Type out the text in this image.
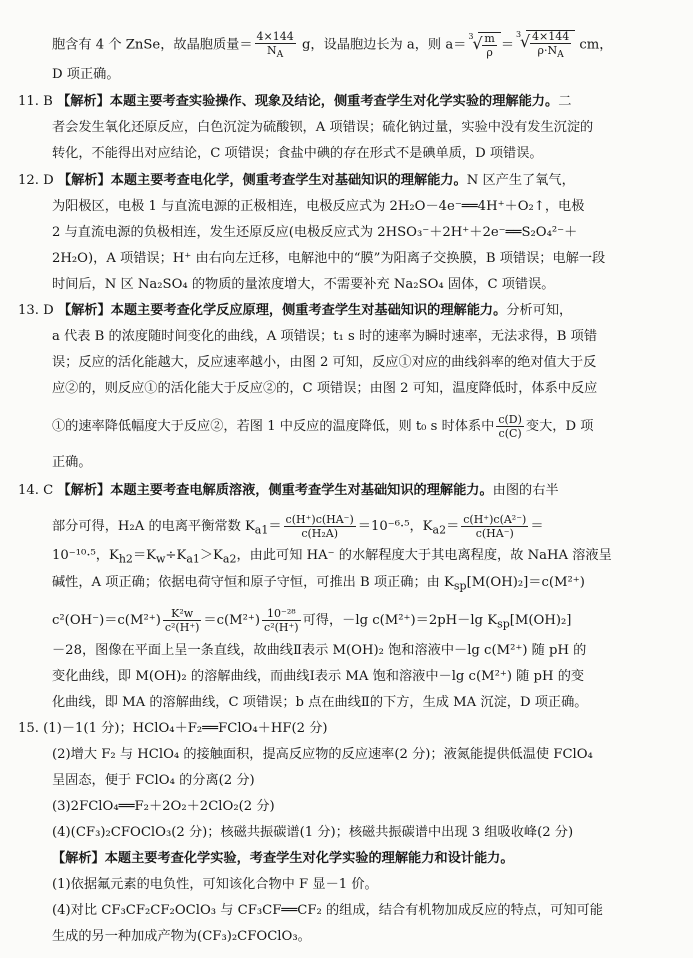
胞含有 4 个 ZnSe，故晶胞质量＝ $\frac{4\times 144}{N_A}$ g，设晶胞边长为 a，则 a＝
3
√ $\frac{m}{\rho}$ ＝
3
√ $\frac{4\times 144}{\rho\cdot N_A}$ cm，
D 项正确。
11. B 【解析】本题主要考查实验操作、现象及结论，侧重考查学生对化学实验的理解能力。二
者会发生氧化还原反应，白色沉淀为硫酸钡，A 项错误；硫化钠过量，实验中没有发生沉淀的
转化，不能得出对应结论，C 项错误；食盐中碘的存在形式不是碘单质，D 项错误。
12. D 【解析】本题主要考查电化学，侧重考查学生对基础知识的理解能力。N 区产生了氧气，
为阳极区，电极 1 与直流电源的正极相连，电极反应式为 2H₂O－4e⁻══4H⁺＋O₂↑，电极
2 与直流电源的负极相连，发生还原反应(电极反应式为 2HSO₃⁻＋2H⁺＋2e⁻══S₂O₄²⁻＋
2H₂O)，A 项错误；H⁺ 由右向左迁移，电解池中的“膜”为阳离子交换膜，B 项错误；电解一段
时间后，N 区 Na₂SO₄ 的物质的量浓度增大，不需要补充 Na₂SO₄ 固体，C 项错误。
13. D 【解析】本题主要考查化学反应原理，侧重考查学生对基础知识的理解能力。分析可知，
a 代表 B 的浓度随时间变化的曲线，A 项错误；t₁ s 时的速率为瞬时速率，无法求得，B 项错
误；反应的活化能越大，反应速率越小，由图 2 可知，反应①对应的曲线斜率的绝对值大于反
应②的，则反应①的活化能大于反应②的，C 项错误；由图 2 可知，温度降低时，体系中反应
①的速率降低幅度大于反应②，若图 1 中反应的温度降低，则 t₀ s 时体系中 $\frac{c(D)}{c(C)}$ 变大，D 项
正确。
14. C 【解析】本题主要考查电解质溶液，侧重考查学生对基础知识的理解能力。由图的右半
部分可得，H₂A 的电离平衡常数 $K_{a1}= \frac{c(H^+)c(HA^-)}{\text{c(H₂A)}} =10^{-6}\cdot^5$，$K_{a2}= \frac{\text{c(H⁺)c(A²⁻)}}{c(HA^-)}$ ＝
10⁻¹⁰·⁵，$K_{h2}=K_w\div K_{a1}>K_{a2}$，由此可知 HA⁻ 的水解程度大于其电离程度，故 NaHA 溶液呈
碱性，A 项正确；依据电荷守恒和原子守恒，可推出 B 项正确；由 $K_{sp}[M(OH)_2]=c(M^{2+})$
$c^2(OH^-)=c(M^{2+}) \frac{\text{K²w}}{\text{c²(H⁺)}} =c(M^{2+}) \frac{\text{10⁻²⁸}}{\text{c²(H⁺)}}$ 可得，－lg c(M²⁺)＝2pH－lg $K_{sp}[M(OH)_2]$
－28，图像在平面上呈一条直线，故曲线Ⅱ表示 M(OH)₂ 饱和溶液中－lg c(M²⁺) 随 pH 的
变化曲线，即 M(OH)₂ 的溶解曲线，而曲线Ⅰ表示 MA 饱和溶液中－lg c(M²⁺) 随 pH 的变
化曲线，即 MA 的溶解曲线，C 项错误；b 点在曲线Ⅱ的下方，生成 MA 沉淀，D 项正确。
15. (1)－1(1 分)；HClO₄＋F₂══FClO₄＋HF(2 分)
(2)增大 F₂ 与 HClO₄ 的接触面积，提高反应物的反应速率(2 分)；液氮能提供低温使 FClO₄
呈固态，便于 FClO₄ 的分离(2 分)
(3)2FClO₄══F₂＋2O₂＋2ClO₂(2 分)
(4)(CF₃)₂CFOClO₃(2 分)；核磁共振碳谱(1 分)；核磁共振碳谱中出现 3 组吸收峰(2 分)
【解析】本题主要考查化学实验，考查学生对化学实验的理解能力和设计能力。
(1)依据氟元素的电负性，可知该化合物中 F 显－1 价。
(4)对比 CF₃CF₂CF₂OClO₃ 与 CF₃CF══CF₂ 的组成，结合有机物加成反应的特点，可知可能
生成的另一种加成产物为(CF₃)₂CFOClO₃。
